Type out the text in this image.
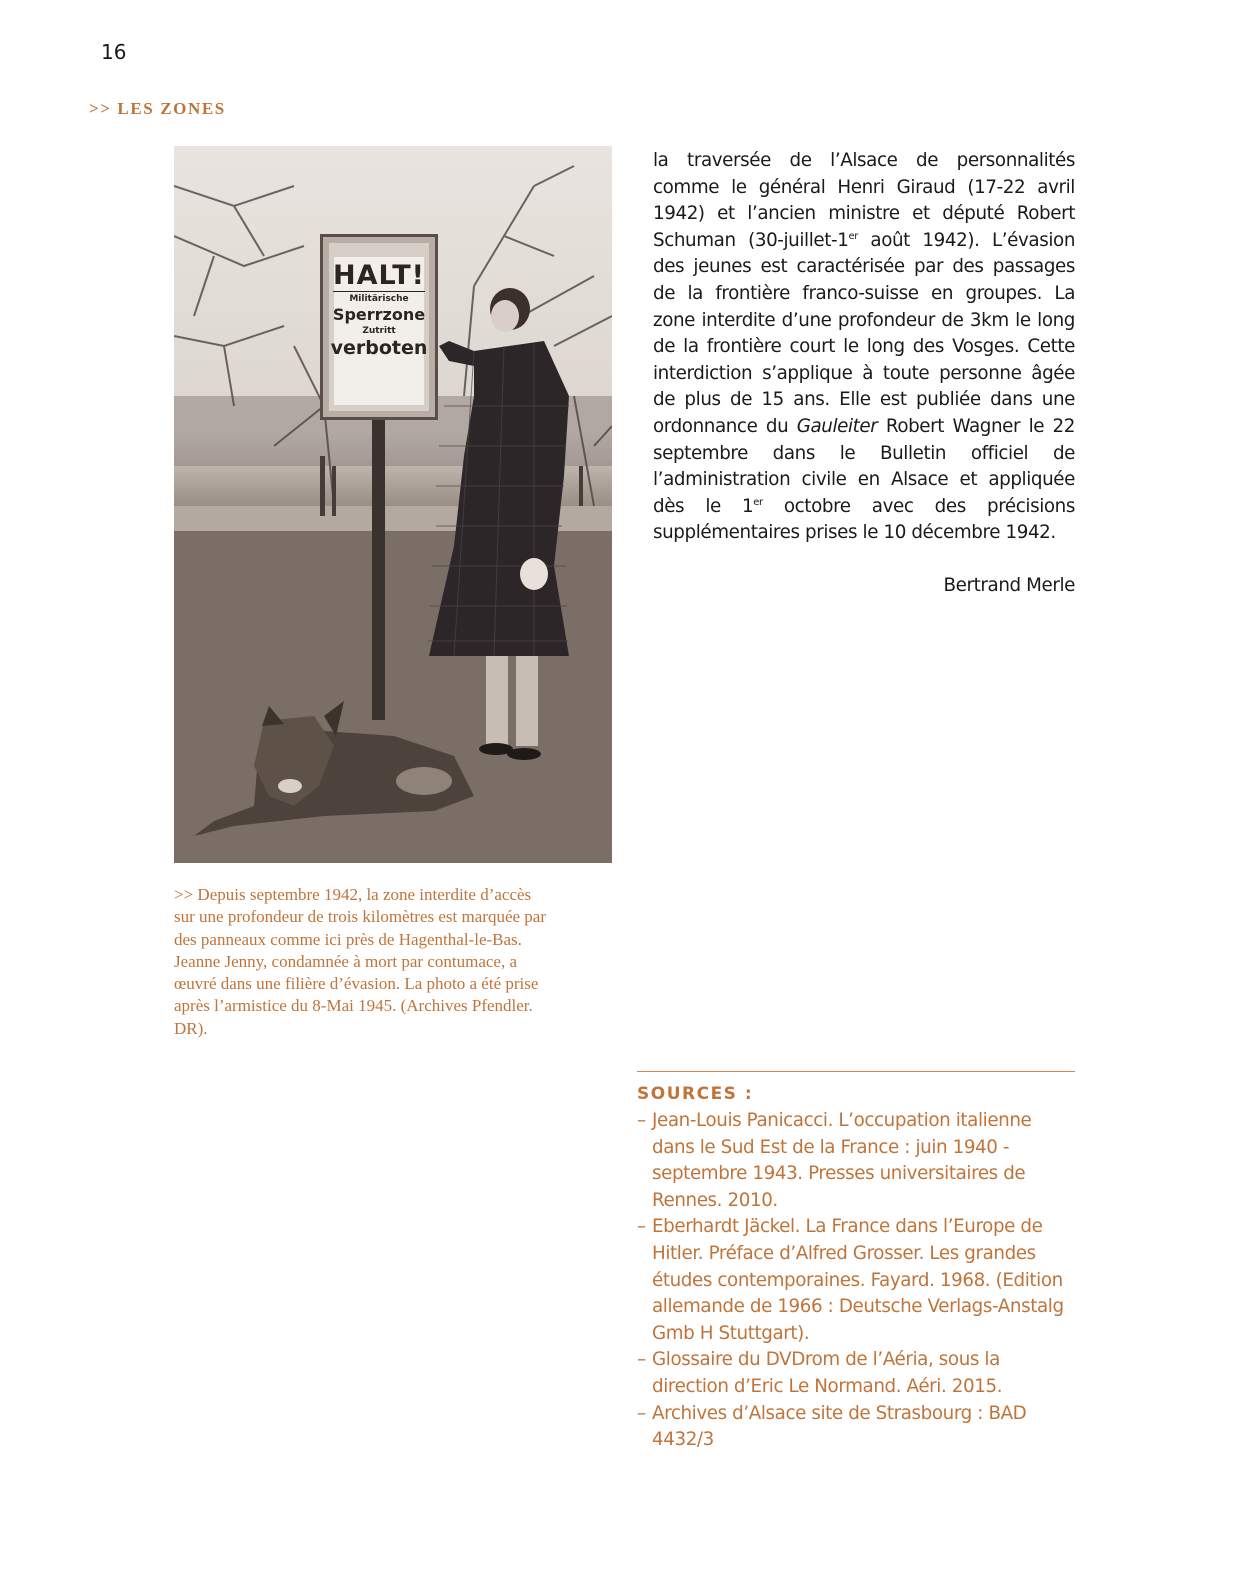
16
>> LES ZONES
HALT!
Militärische
Sperrzone
Zutritt
verboten
>> Depuis septembre 1942, la zone interdite d’accès sur une profondeur de trois kilomètres est marquée par des panneaux comme ici près de Hagenthal-le-Bas. Jeanne Jenny, condamnée à mort par contumace, a œuvré dans une filière d’évasion. La photo a été prise après l’armistice du 8-Mai 1945. (Archives Pfendler. DR).
la traversée de l’Alsace de personnalités comme le général Henri Giraud (17-22 avril 1942) et l’ancien ministre et député Robert Schuman (30-juillet-1er août 1942). L’évasion des jeunes est caractérisée par des passages de la frontière franco-suisse en groupes. La zone interdite d’une profondeur de 3km le long de la frontière court le long des Vosges. Cette interdiction s’applique à toute personne âgée de plus de 15 ans. Elle est publiée dans une ordonnance du Gauleiter Robert Wagner le 22 septembre dans le Bulletin officiel de l’administration civile en Alsace et appliquée dès le 1er octobre avec des précisions supplémentaires prises le 10 décembre 1942.
Bertrand Merle
SOURCES :
– Jean-Louis Panicacci. L’occupation italienne dans le Sud Est de la France : juin 1940 - septembre 1943. Presses universitaires de Rennes. 2010.
– Eberhardt Jäckel. La France dans l’Europe de Hitler. Préface d’Alfred Grosser. Les grandes études contemporaines. Fayard. 1968. (Edition allemande de 1966 : Deutsche Verlags-Anstalg Gmb H Stuttgart).
– Glossaire du DVDrom de l’Aéria, sous la direction d’Eric Le Normand. Aéri. 2015.
– Archives d’Alsace site de Strasbourg : BAD 4432/3
